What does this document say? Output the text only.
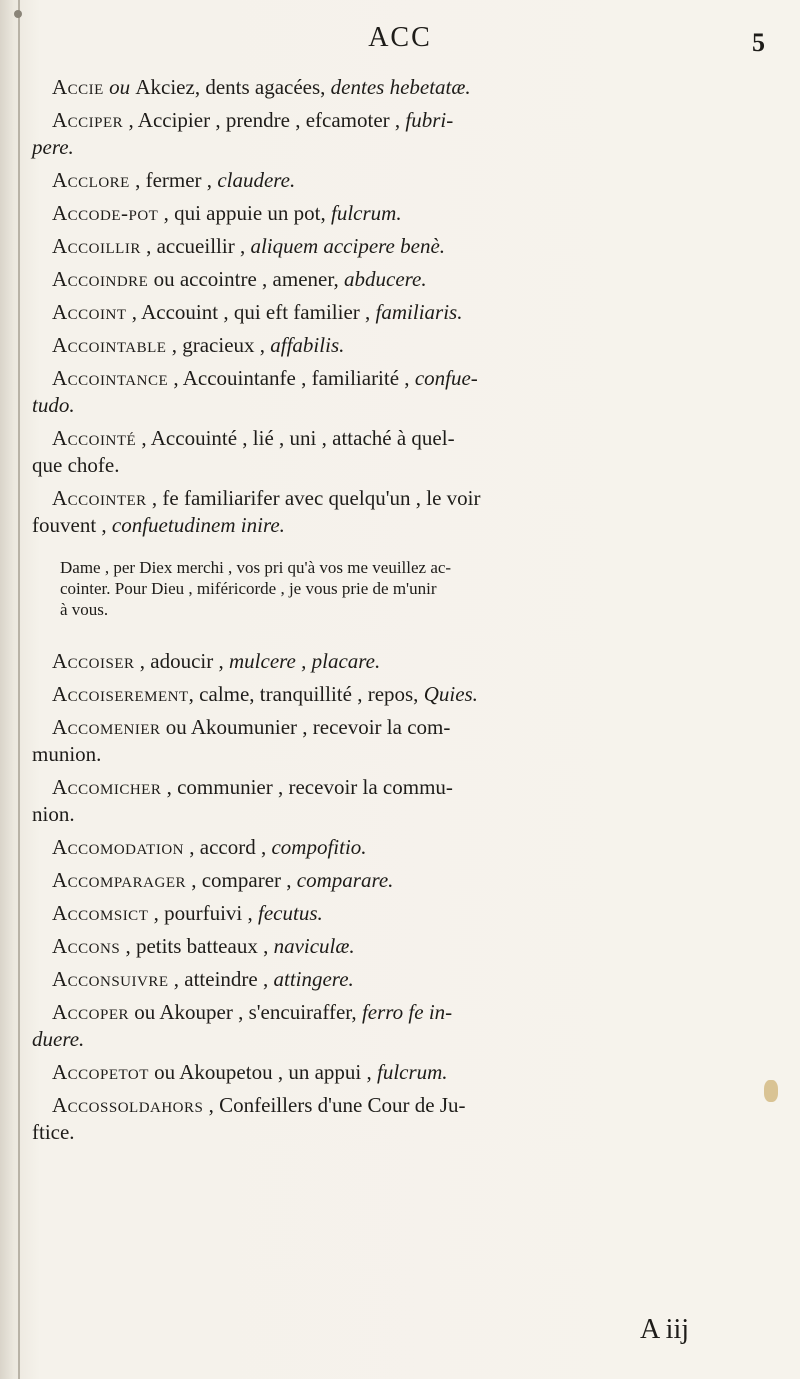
ACC	5

Accie ou Akciez, dents agacées, dentes hebetatæ.

Acciper , Accipier , prendre , efcamoter , fubri-
pere.

Acclore , fermer , claudere.

Accode-pot , qui appuie un pot, fulcrum.

Accoillir , accueillir , aliquem accipere benè.

Accoindre ou accointre , amener, abducere.

Accoint , Accouint , qui eft familier , familiaris.

Accointable , gracieux , affabilis.

Accointance , Accouintanfe , familiarité , confue-
tudo.

Accointé , Accouinté , lié , uni , attaché à quel-
que chofe.

Accointer , fe familiarifer avec quelqu'un , le voir
fouvent , confuetudinem inire.

Dame , per Diex merchi , vos pri qu'à vos me veuillez ac-
cointer. Pour Dieu , miféricorde , je vous prie de m'unir
à vous.

Accoiser , adoucir , mulcere , placare.

Accoiserement, calme, tranquillité , repos, Quies.

Accomenier ou Akoumunier , recevoir la com-
munion.

Accomicher , communier , recevoir la commu-
nion.

Accomodation , accord , compofitio.

Accomparager , comparer , comparare.

Accomsict , pourfuivi , fecutus.

Accons , petits batteaux , naviculæ.

Acconsuivre , atteindre , attingere.

Accoper ou Akouper , s'encuiraffer, ferro fe in-
duere.

Accopetot ou Akoupetou , un appui , fulcrum.

Accossoldahors , Confeillers d'une Cour de Ju-
ftice.

A iij
